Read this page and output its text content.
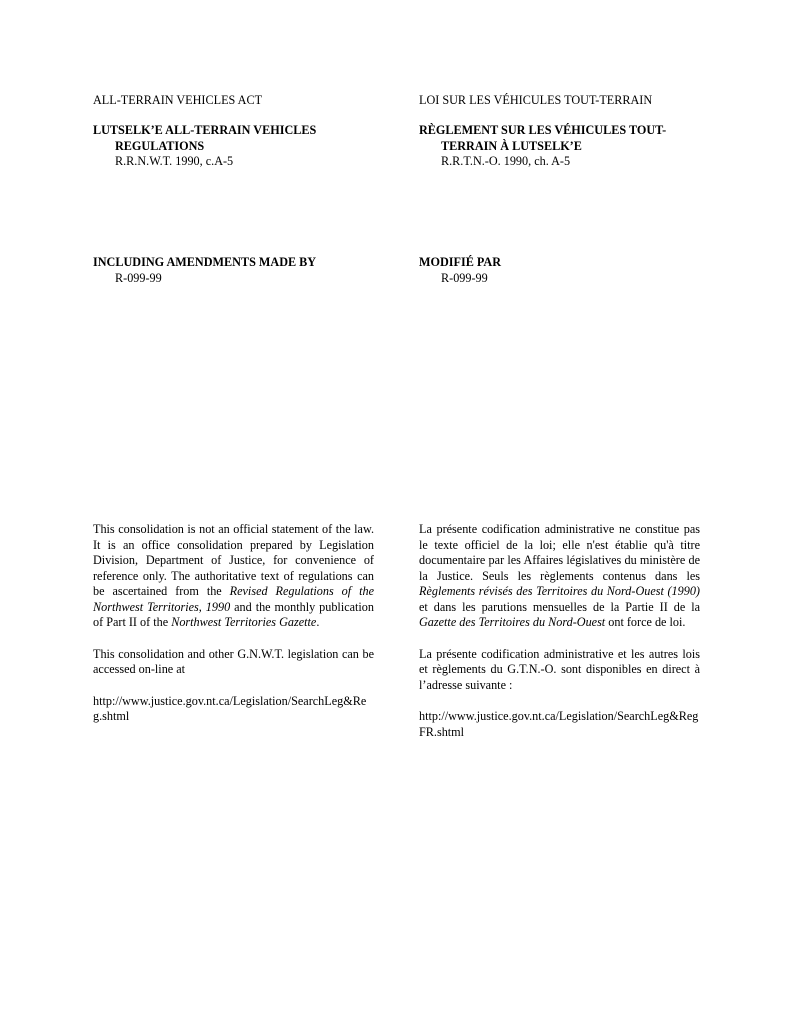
ALL-TERRAIN VEHICLES ACT

LUTSELK’E ALL-TERRAIN VEHICLES REGULATIONS

R.R.N.W.T. 1990, c.A-5

INCLUDING AMENDMENTS MADE BY

R-099-99

This consolidation is not an official statement of the law. It is an office consolidation prepared by Legislation Division, Department of Justice, for convenience of reference only. The authoritative text of regulations can be ascertained from the Revised Regulations of the Northwest Territories, 1990 and the monthly publication of Part II of the Northwest Territories Gazette.

This consolidation and other G.N.W.T. legislation can be accessed on-line at

http://www.justice.gov.nt.ca/Legislation/SearchLeg&Reg.shtml

LOI SUR LES VÉHICULES TOUT-TERRAIN

RÈGLEMENT SUR LES VÉHICULES TOUT-TERRAIN À LUTSELK’E

R.R.T.N.-O. 1990, ch. A-5

MODIFIÉ PAR

R-099-99

La présente codification administrative ne constitue pas le texte officiel de la loi; elle n'est établie qu'à titre documentaire par les Affaires législatives du ministère de la Justice. Seuls les règlements contenus dans les Règlements révisés des Territoires du Nord-Ouest (1990) et dans les parutions mensuelles de la Partie II de la Gazette des Territoires du Nord-Ouest ont force de loi.

La présente codification administrative et les autres lois et règlements du G.T.N.-O. sont disponibles en direct à l’adresse suivante :

http://www.justice.gov.nt.ca/Legislation/SearchLeg&RegFR.shtml
